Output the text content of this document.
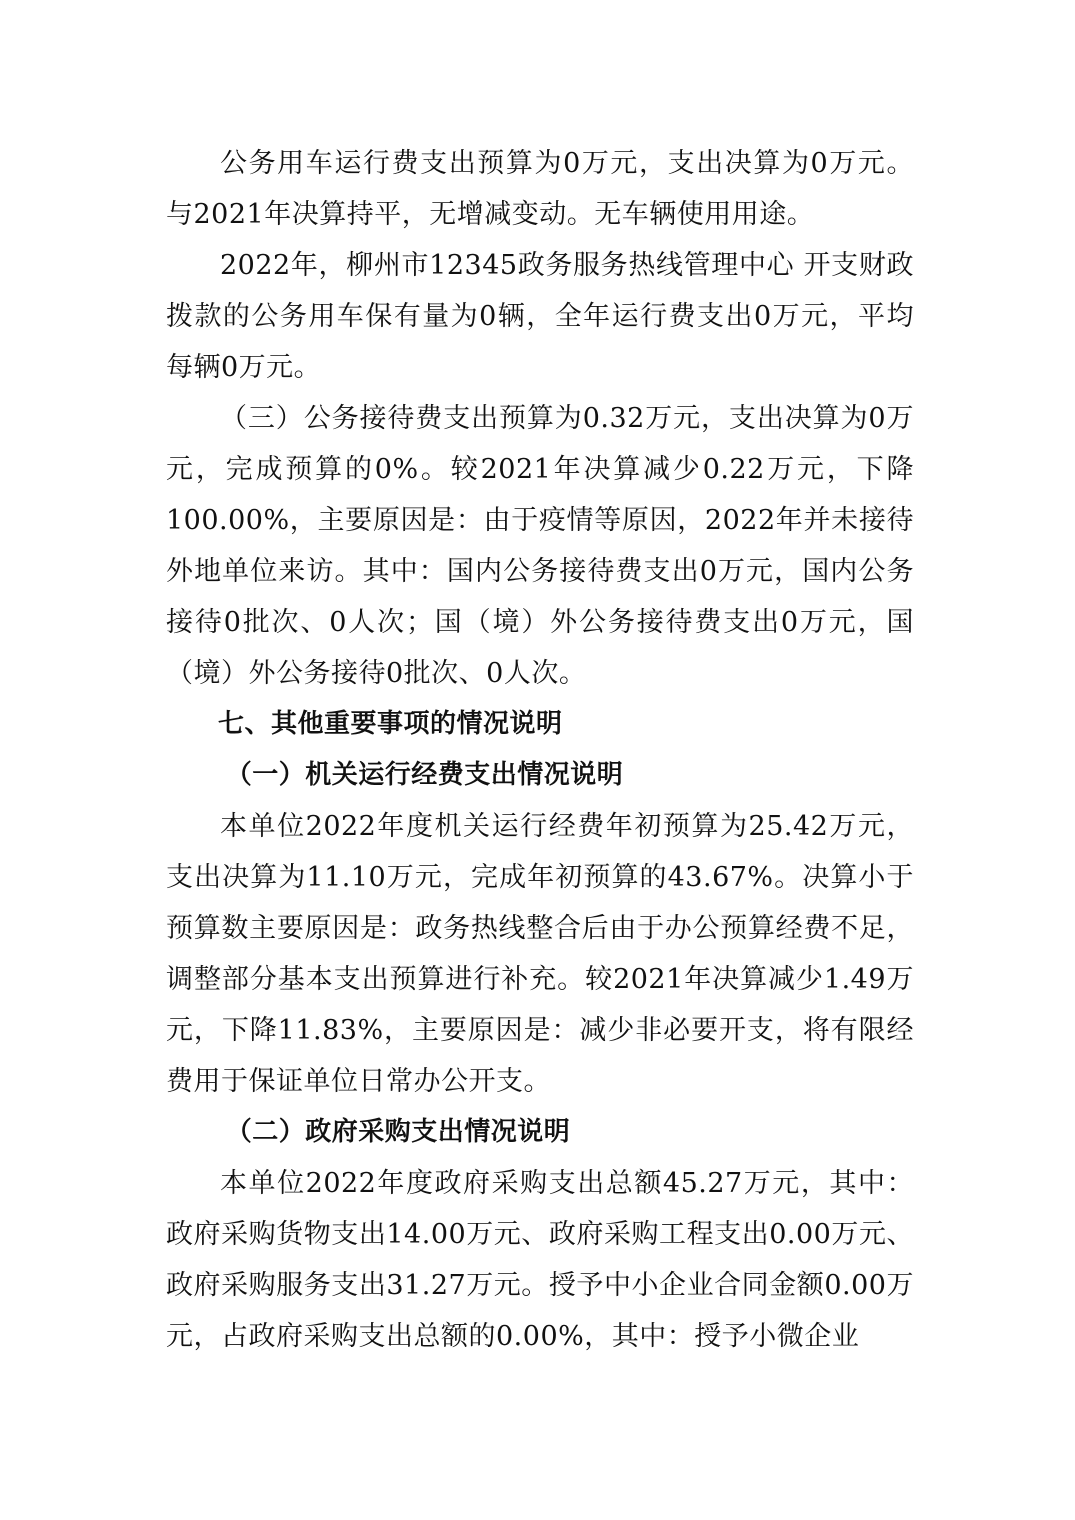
公务用车运行费支出预算为0万元，支出决算为0万元。与2021年决算持平，无增减变动。无车辆使用用途。

2022年，柳州市12345政务服务热线管理中心 开支财政拨款的公务用车保有量为0辆，全年运行费支出0万元，平均每辆0万元。

（三）公务接待费支出预算为0.32万元，支出决算为0万元，完成预算的0%。较2021年决算减少0.22万元，下降100.00%，主要原因是：由于疫情等原因，2022年并未接待外地单位来访。其中：国内公务接待费支出0万元，国内公务接待0批次、0人次；国（境）外公务接待费支出0万元，国（境）外公务接待0批次、0人次。

七、其他重要事项的情况说明

（一）机关运行经费支出情况说明

本单位2022年度机关运行经费年初预算为25.42万元，支出决算为11.10万元，完成年初预算的43.67%。决算小于预算数主要原因是：政务热线整合后由于办公预算经费不足，调整部分基本支出预算进行补充。较2021年决算减少1.49万元，下降11.83%，主要原因是：减少非必要开支，将有限经费用于保证单位日常办公开支。

（二）政府采购支出情况说明

本单位2022年度政府采购支出总额45.27万元，其中：政府采购货物支出14.00万元、政府采购工程支出0.00万元、政府采购服务支出31.27万元。授予中小企业合同金额0.00万元，占政府采购支出总额的0.00%，其中：授予小微企业
